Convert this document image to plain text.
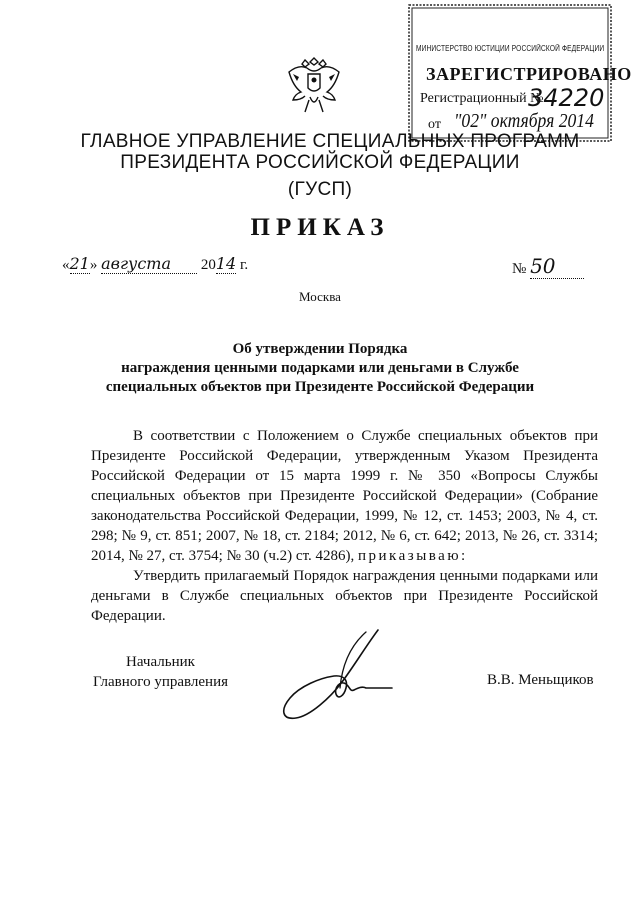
МИНИСТЕРСТВО ЮСТИЦИИ РОССИЙСКОЙ ФЕДЕРАЦИИ
ЗАРЕГИСТРИРОВАНО
Регистрационный №
34220
от "02" октября 2014
ГЛАВНОЕ УПРАВЛЕНИЕ СПЕЦИАЛЬНЫХ ПРОГРАММ
ПРЕЗИДЕНТА РОССИЙСКОЙ ФЕДЕРАЦИИ
(ГУСП)
ПРИКАЗ
«21» августа 2014 г.	№ 50
Москва
Об утверждении Порядка
награждения ценными подарками или деньгами в Службе
специальных объектов при Президенте Российской Федерации

В соответствии с Положением о Службе специальных объектов при Президенте Российской Федерации, утвержденным Указом Президента Российской Федерации от 15 марта 1999 г. № 350 «Вопросы Службы специальных объектов при Президенте Российской Федерации» (Собрание законодательства Российской Федерации, 1999, № 12, ст. 1453; 2003, № 4, ст. 298; № 9, ст. 851; 2007, № 18, ст. 2184; 2012, № 6, ст. 642; 2013, № 26, ст. 3314; 2014, № 27, ст. 3754; № 30 (ч.2) ст. 4286), приказываю:

Утвердить прилагаемый Порядок награждения ценными подарками или деньгами в Службе специальных объектов при Президенте Российской Федерации.

Начальник
Главного управления	В.В. Меньщиков
